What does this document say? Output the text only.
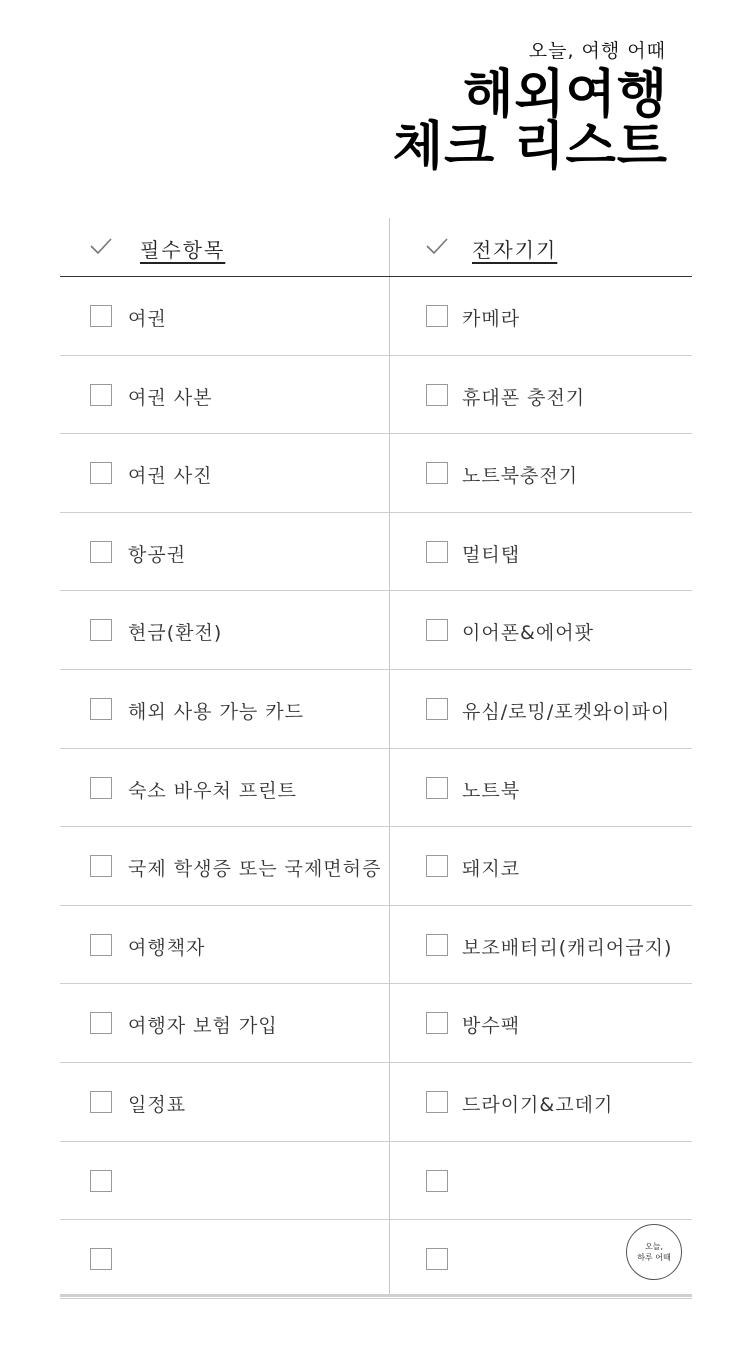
오늘, 여행 어때
해외여행
체크 리스트
필수항목
여권
여권 사본
여권 사진
항공권
현금(환전)
해외 사용 가능 카드
숙소 바우처 프린트
국제 학생증 또는 국제면허증
여행책자
여행자 보험 가입
일정표
전자기기
카메라
휴대폰 충전기
노트북충전기
멀티탭
이어폰&에어팟
유심/로밍/포켓와이파이
노트북
돼지코
보조배터리(캐리어금지)
방수팩
드라이기&고데기
오늘,
하루 어때
